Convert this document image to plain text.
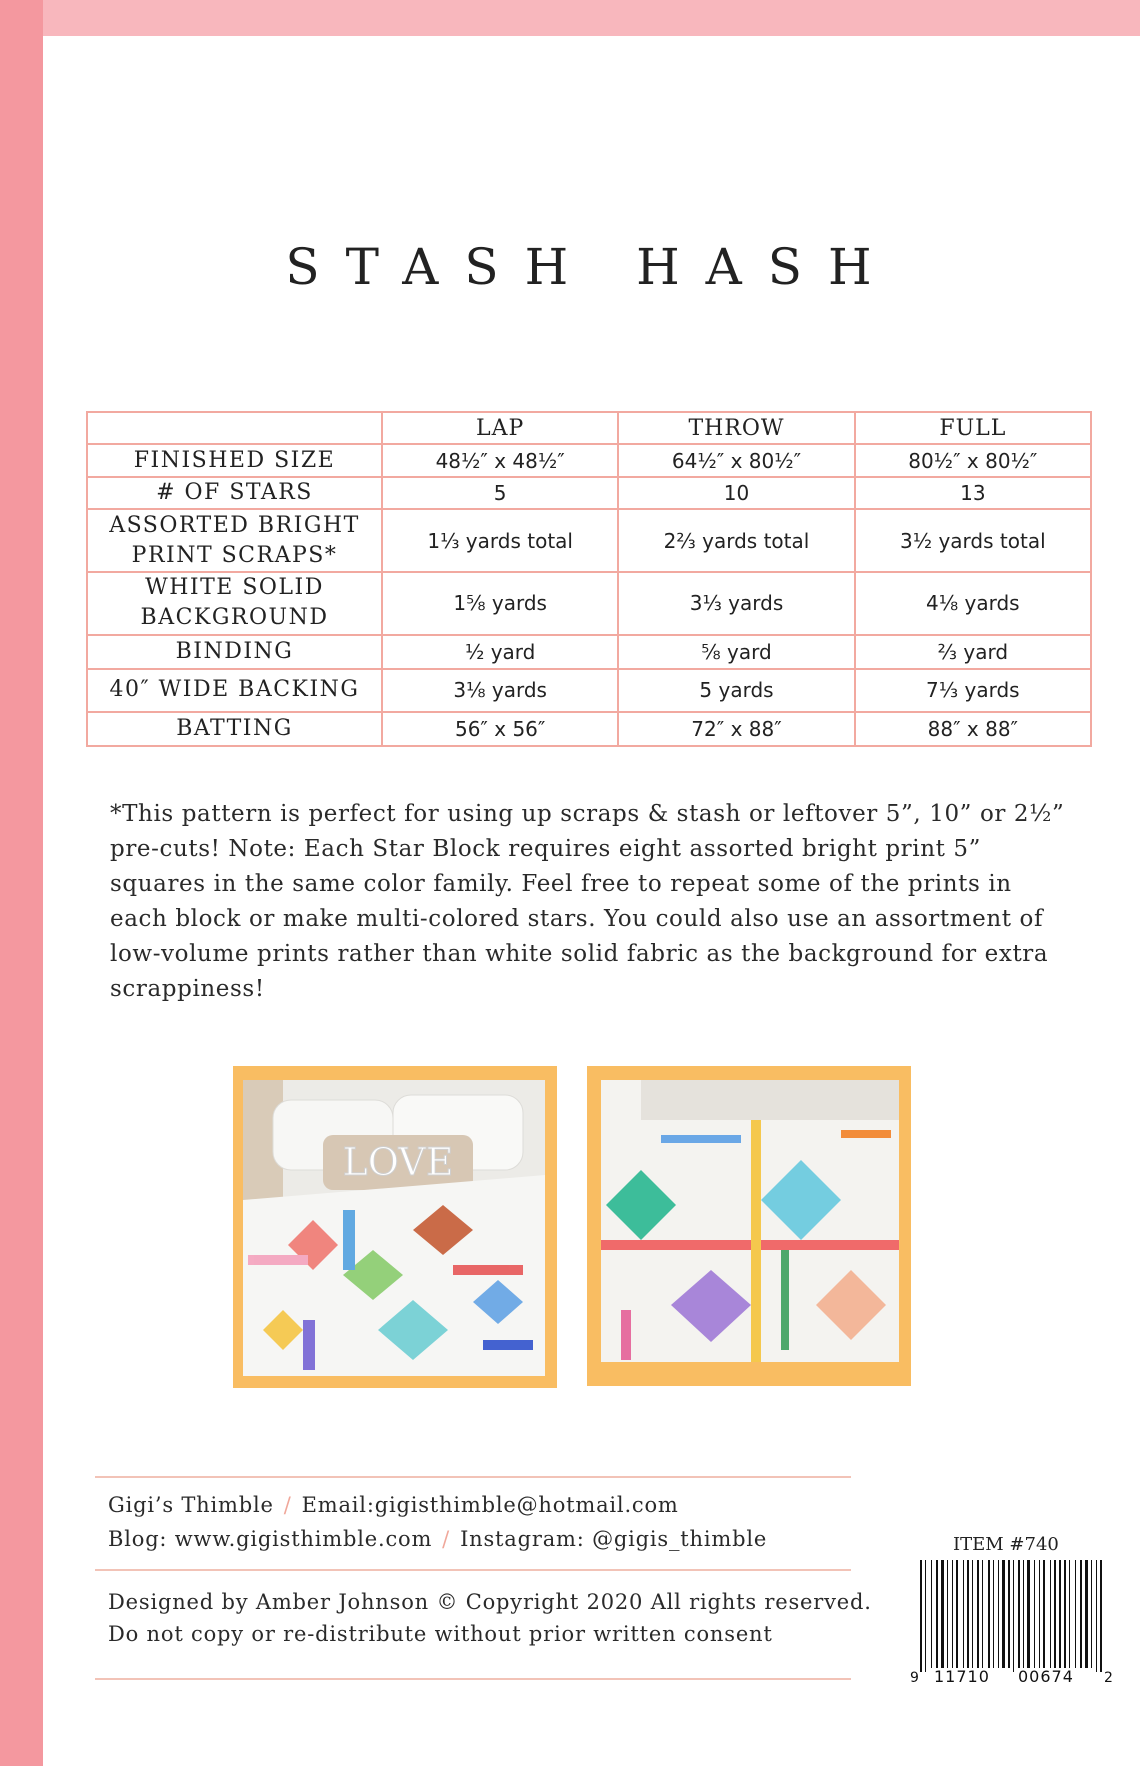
STASH HASH
	LAP	THROW	FULL
FINISHED SIZE	48½″ x 48½″	64½″ x 80½″	80½″ x 80½″
# OF STARS	5	10	13
ASSORTED BRIGHT PRINT SCRAPS*	1⅓ yards total	2⅔ yards total	3½ yards total
WHITE SOLID BACKGROUND	1⅝ yards	3⅓ yards	4⅛ yards
BINDING	½ yard	⅝ yard	⅔ yard
40″ WIDE BACKING	3⅛ yards	5 yards	7⅓ yards
BATTING	56″ x 56″	72″ x 88″	88″ x 88″

*This pattern is perfect for using up scraps & stash or leftover 5”, 10” or 2½” pre-cuts! Note: Each Star Block requires eight assorted bright print 5” squares in the same color family. Feel free to repeat some of the prints in each block or make multi-colored stars. You could also use an assortment of low-volume prints rather than white solid fabric as the background for extra scrappiness!

LOVE
Gigi’s Thimble / Email:gigisthimble@hotmail.com
Blog: www.gigisthimble.com / Instagram: @gigis_thimble
Designed by Amber Johnson © Copyright 2020 All rights reserved.
Do not copy or re-distribute without prior written consent
ITEM #740
9 11710 00674 2
